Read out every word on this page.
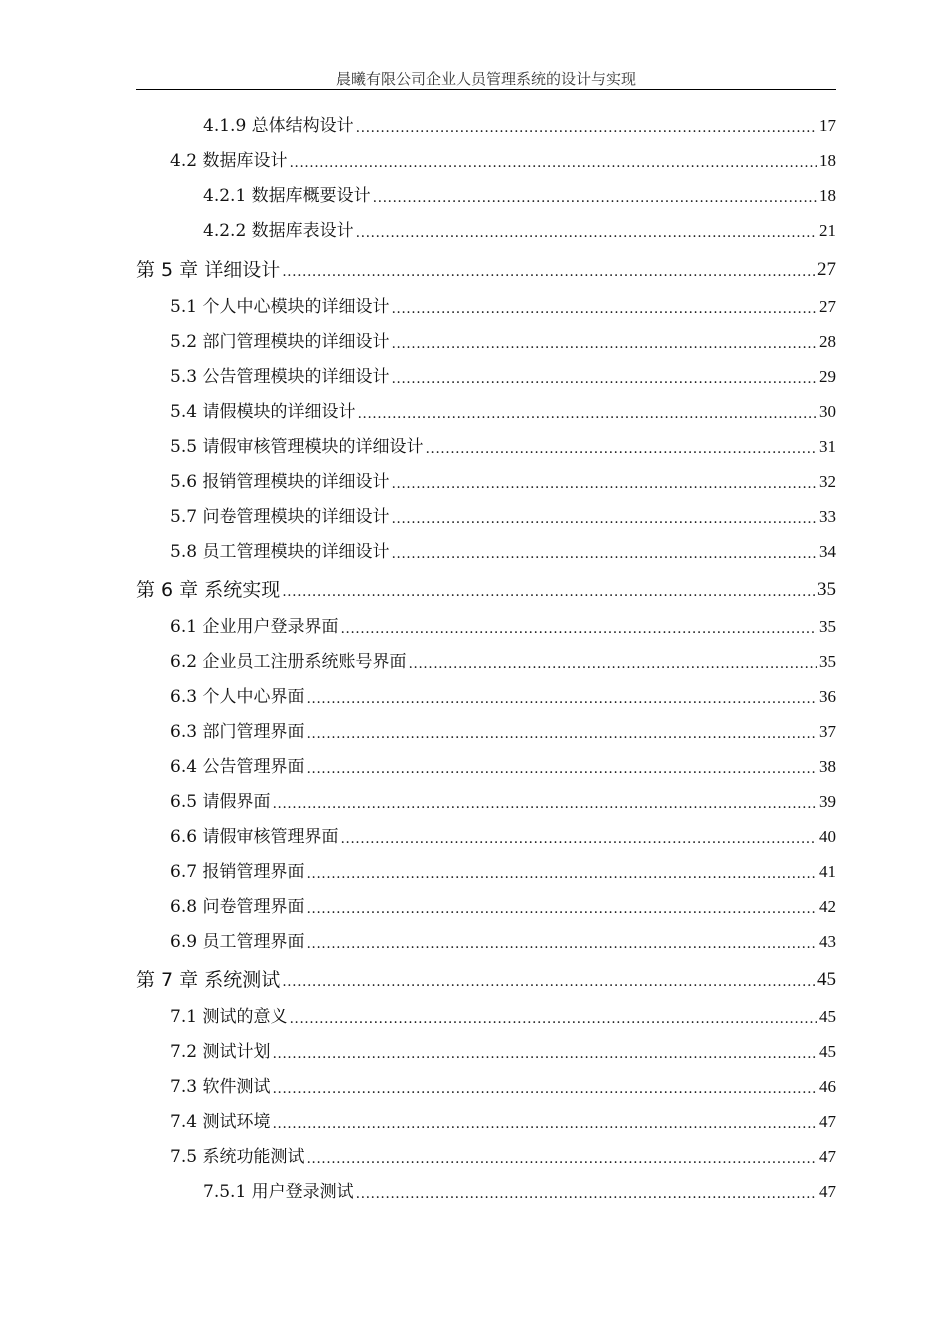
晨曦有限公司企业人员管理系统的设计与实现
4.1.9 总体结构设计 .....	17
4.2 数据库设计 .....	18
4.2.1 数据库概要设计 .....	18
4.2.2 数据库表设计 .....	21
第 5 章 详细设计 .....	27
5.1 个人中心模块的详细设计 .....	27
5.2 部门管理模块的详细设计 .....	28
5.3 公告管理模块的详细设计 .....	29
5.4 请假模块的详细设计 .....	30
5.5 请假审核管理模块的详细设计 .....	31
5.6 报销管理模块的详细设计 .....	32
5.7 问卷管理模块的详细设计 .....	33
5.8 员工管理模块的详细设计 .....	34
第 6 章 系统实现 .....	35
6.1 企业用户登录界面 .....	35
6.2 企业员工注册系统账号界面 .....	35
6.3 个人中心界面 .....	36
6.3 部门管理界面 .....	37
6.4 公告管理界面 .....	38
6.5 请假界面 .....	39
6.6 请假审核管理界面 .....	40
6.7 报销管理界面 .....	41
6.8 问卷管理界面 .....	42
6.9 员工管理界面 .....	43
第 7 章 系统测试 .....	45
7.1 测试的意义 .....	45
7.2 测试计划 .....	45
7.3 软件测试 .....	46
7.4 测试环境 .....	47
7.5 系统功能测试 .....	47
7.5.1 用户登录测试 .....	47
